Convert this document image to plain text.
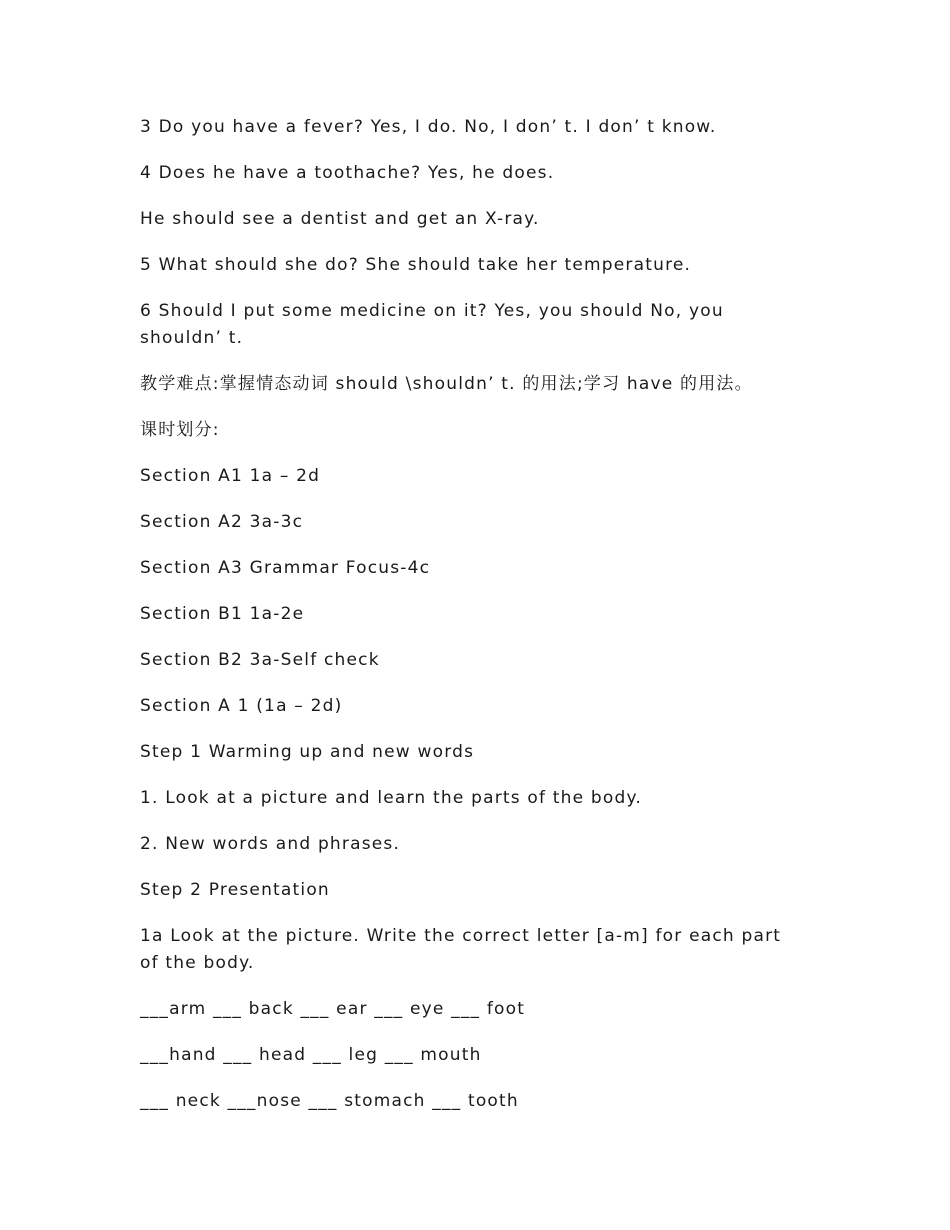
3 Do you have a fever? Yes, I do. No, I don’ t. I don’ t know.

4 Does he have a toothache? Yes, he does.

He should see a dentist and get an X-ray.

5 What should she do? She should take her temperature.

6 Should I put some medicine on it? Yes, you should No, you shouldn’ t.

教学难点:掌握情态动词 should \shouldn’ t. 的用法;学习 have 的用法。

课时划分:

Section A1 1a – 2d

Section A2 3a-3c

Section A3 Grammar Focus-4c

Section B1 1a-2e

Section B2 3a-Self check

Section A 1 (1a – 2d)

Step 1 Warming up and new words

1. Look at a picture and learn the parts of the body.

2. New words and phrases.

Step 2 Presentation

1a Look at the picture. Write the correct letter [a-m] for each part of the body.

___arm ___ back ___ ear ___ eye ___ foot

___hand ___ head ___ leg ___ mouth

___ neck ___nose ___ stomach ___ tooth
